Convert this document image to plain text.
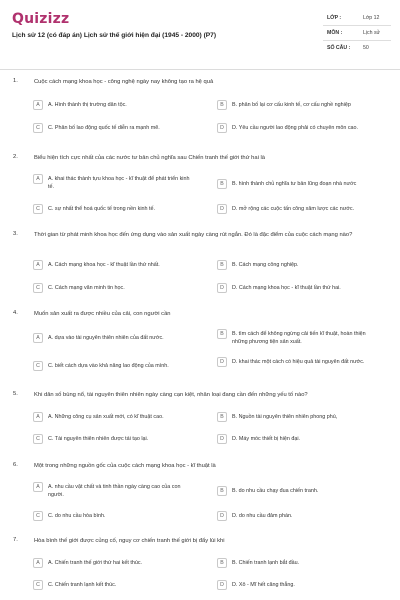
Quizizz
Lịch sử 12 (có đáp án) Lịch sử thế giới hiện đại (1945 - 2000) (P7)
LỚP :	Lớp 12
MÔN :	Lịch sử
SỐ CÂU : 50
1.	Cuộc cách mạng khoa học - công nghệ ngày nay không tạo ra hệ quả
A	A. Hình thành thị trường dân tộc.	B	B. phân bố lại cơ cấu kinh tế, cơ cấu nghề nghiệp
C	C. Phân bố lao động quốc tế diễn ra mạnh mẽ.	D	D. Yêu cầu người lao động phải có chuyên môn cao.
2.	Biểu hiện tích cực nhất của các nước tư bản chủ nghĩa sau Chiến tranh thế giới thứ hai là
A	A. khai thác thành tựu khoa học - kĩ thuật để phát triển kinh tế.
B	B. hình thành chủ nghĩa tư bản lũng đoạn nhà nước
C	C. sự nhất thể hoá quốc tế trong nền kinh tế.	D	D. mở rộng các cuộc tấn công xâm lược các nước.
3.	Thời gian từ phát minh khoa học đến ứng dụng vào sản xuất ngày càng rút ngắn. Đó là đặc điểm của cuộc cách mạng nào?
A	A. Cách mạng khoa học - kĩ thuật lần thứ nhất.	B	B. Cách mạng công nghiệp.
C	C. Cách mạng văn minh tin học.	D	D. Cách mạng khoa học - kĩ thuật lần thứ hai.
4.	Muốn sản xuất ra được nhiều của cải, con người cần
A	A. dựa vào tài nguyên thiên nhiên của đất nước.
B	B. tìm cách để không ngừng cải tiến kĩ thuật, hoàn thiện những phương tiện sản xuất.
C	C. biết cách dựa vào khả năng lao động của mình.
D	D. khai thác một cách có hiệu quả tài nguyên đất nước.
5.	Khi dân số bùng nổ, tài nguyên thiên nhiên ngày càng cạn kiệt, nhân loại đang cần đến những yếu tố nào?
A	A. Những công cụ sản xuất mới, có kĩ thuật cao.	B	B. Nguồn tài nguyên thiên nhiên phong phú,
C	C. Tài nguyên thiên nhiên được tái tạo lại.	D	D. Máy móc thiết bị hiện đại.
6.	Một trong những nguồn gốc của cuộc cách mạng khoa học - kĩ thuật là
A	A. nhu cầu vật chất và tinh thần ngày càng cao của con người.
B	B. do nhu cầu chạy đua chiến tranh.
C	C. do nhu cầu hòa bình.	D	D. do nhu cầu đảm phán.
7.	Hòa bình thế giới được củng cố, nguy cơ chiến tranh thế giới bị đẩy lùi khi
A	A. Chiến tranh thế giới thứ hai kết thúc.	B	B. Chiến tranh lạnh bắt đầu.
C	C. Chiến tranh lạnh kết thúc.	D	D. Xô - Mĩ hết căng thẳng.
